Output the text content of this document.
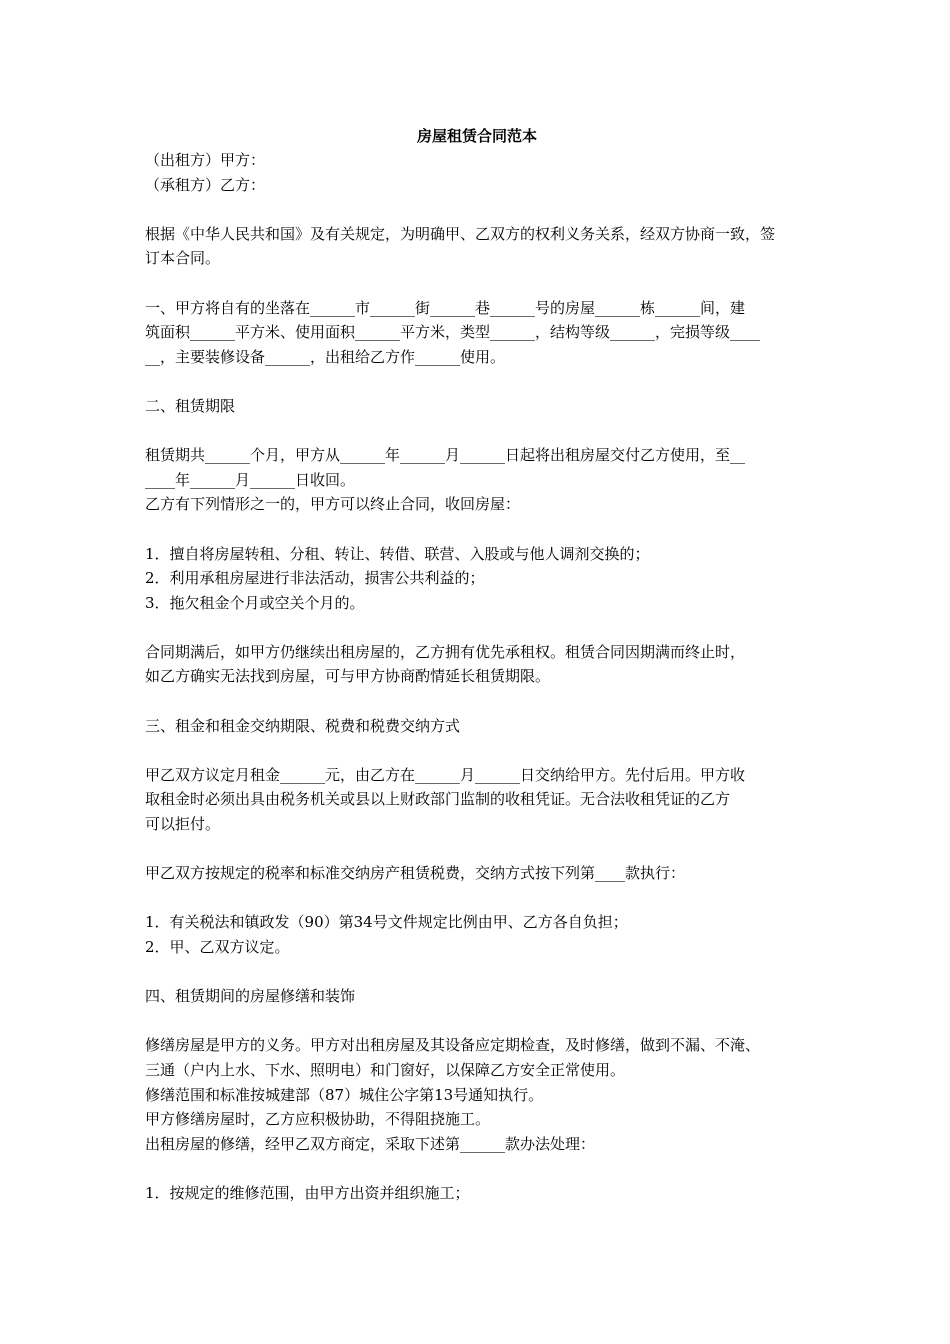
房屋租赁合同范本
（出租方）甲方：
（承租方）乙方：
根据《中华人民共和国》及有关规定，为明确甲、乙双方的权利义务关系，经双方协商一致，签
订本合同。
一、甲方将自有的坐落在______市______街______巷______号的房屋______栋______间，建
筑面积______平方米、使用面积______平方米，类型______，结构等级______，完损等级____
__，主要装修设备______，出租给乙方作______使用。
二、租赁期限
租赁期共______个月，甲方从______年______月______日起将出租房屋交付乙方使用，至__
____年______月______日收回。
乙方有下列情形之一的，甲方可以终止合同，收回房屋：
1．擅自将房屋转租、分租、转让、转借、联营、入股或与他人调剂交换的；
2．利用承租房屋进行非法活动，损害公共利益的；
3．拖欠租金个月或空关个月的。
合同期满后，如甲方仍继续出租房屋的，乙方拥有优先承租权。租赁合同因期满而终止时，
如乙方确实无法找到房屋，可与甲方协商酌情延长租赁期限。
三、租金和租金交纳期限、税费和税费交纳方式
甲乙双方议定月租金______元，由乙方在______月______日交纳给甲方。先付后用。甲方收
取租金时必须出具由税务机关或县以上财政部门监制的收租凭证。无合法收租凭证的乙方
可以拒付。
甲乙双方按规定的税率和标准交纳房产租赁税费，交纳方式按下列第____款执行：
1．有关税法和镇政发（90）第34号文件规定比例由甲、乙方各自负担；
2．甲、乙双方议定。
四、租赁期间的房屋修缮和装饰
修缮房屋是甲方的义务。甲方对出租房屋及其设备应定期检查，及时修缮，做到不漏、不淹、
三通（户内上水、下水、照明电）和门窗好，以保障乙方安全正常使用。
修缮范围和标准按城建部（87）城住公字第13号通知执行。
甲方修缮房屋时，乙方应积极协助，不得阻挠施工。
出租房屋的修缮，经甲乙双方商定，采取下述第______款办法处理：
1．按规定的维修范围，由甲方出资并组织施工；
